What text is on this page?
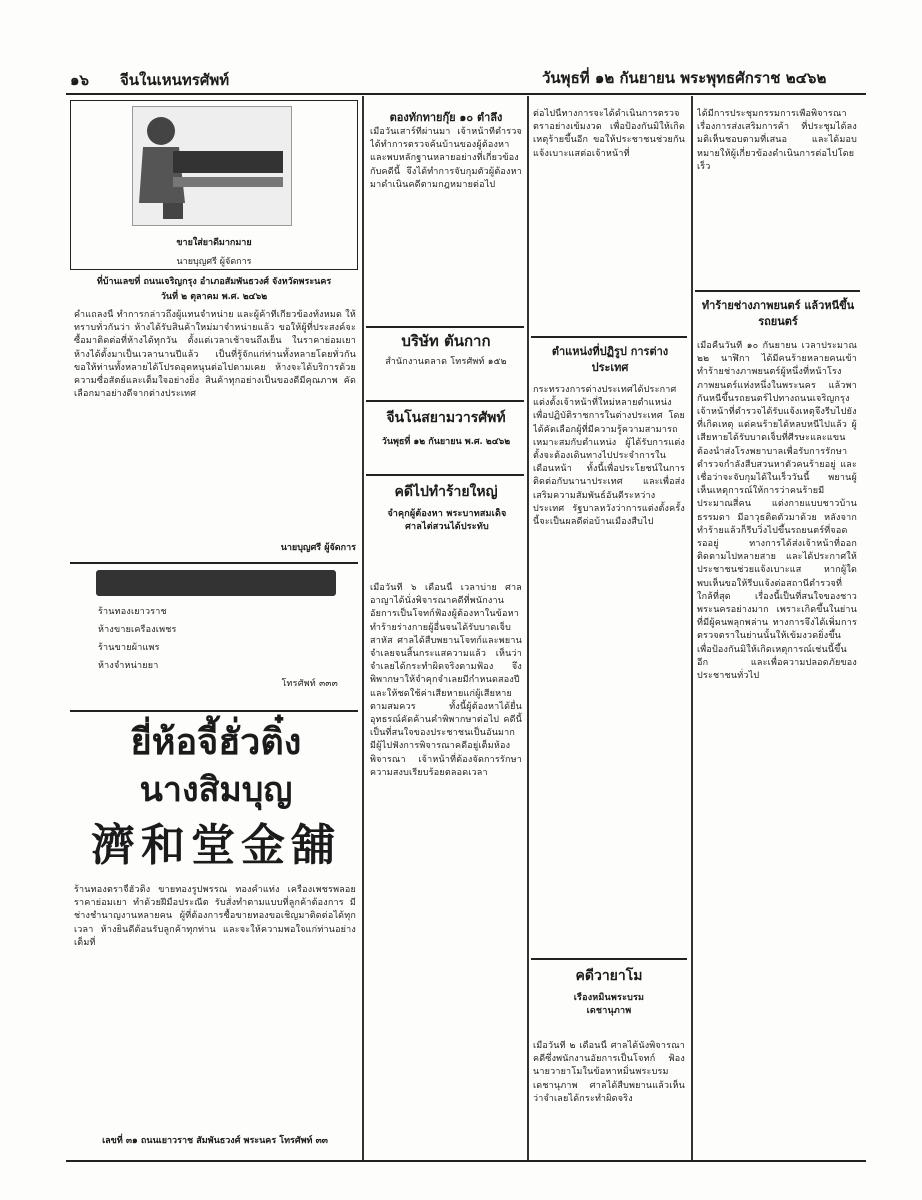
๑๖ จีนในเหนทรศัพท์	วันพุธที่ ๑๒ กันยายน พระพุทธศักราช ๒๔๖๒
ขายใส่ยาดีมากมาย
นายบุญศรี ผู้จัดการ
ที่บ้านเลขที่ ถนนเจริญกรุง อำเภอสัมพันธวงศ์ จังหวัดพระนคร
วันที่ ๒ ตุลาคม พ.ศ. ๒๔๖๒
คำแถลงนี้ ทำการกล่าวถึงผู้แทนจำหน่าย และผู้ค้าที่เกี่ยวข้องทั้งหมด ให้ทราบทั่วกันว่า ห้างได้รับสินค้าใหม่มาจำหน่ายแล้ว ขอให้ผู้ที่ประสงค์จะซื้อมาติดต่อที่ห้างได้ทุกวัน ตั้งแต่เวลาเช้าจนถึงเย็น ในราคาย่อมเยา ห้างได้ตั้งมาเป็นเวลานานปีแล้ว เป็นที่รู้จักแก่ท่านทั้งหลายโดยทั่วกัน ขอให้ท่านทั้งหลายได้โปรดอุดหนุนต่อไปตามเคย ห้างจะได้บริการด้วยความซื่อสัตย์และเต็มใจอย่างยิ่ง สินค้าทุกอย่างเป็นของดีมีคุณภาพ คัดเลือกมาอย่างดีจากต่างประเทศ
นายบุญศรี ผู้จัดการ
ร้านทองเยาวราช
ห้างขายเครื่องเพชร
ร้านขายผ้าแพร
ห้างจำหน่ายยา
โทรศัพท์ ๓๓๓
ยี่ห้อจี้ฮั่วติ๋ง
นางสิมบุญ
濟和堂金舖
ร้านทองตราจี้ฮั่วติ๋ง ขายทองรูปพรรณ ทองคำแท่ง เครื่องเพชรพลอย ราคาย่อมเยา ทำด้วยฝีมือประณีต รับสั่งทำตามแบบที่ลูกค้าต้องการ มีช่างชำนาญงานหลายคน ผู้ที่ต้องการซื้อขายทองขอเชิญมาติดต่อได้ทุกเวลา ห้างยินดีต้อนรับลูกค้าทุกท่าน และจะให้ความพอใจแก่ท่านอย่างเต็มที่
เลขที่ ๓๑ ถนนเยาวราช สัมพันธวงศ์ พระนคร โทรศัพท์ ๓๓
ตองทักทายกุ๊ย ๑๐ ตำลึง
เมื่อวันเสาร์ที่ผ่านมา เจ้าหน้าที่ตำรวจได้ทำการตรวจค้นบ้านของผู้ต้องหา และพบหลักฐานหลายอย่างที่เกี่ยวข้องกับคดีนี้ จึงได้ทำการจับกุมตัวผู้ต้องหามาดำเนินคดีตามกฎหมายต่อไป
บริษัท ตันกาก
สำนักงานตลาด โทรศัพท์ ๑๕๒
จีนโนสยามวารศัพท์
วันพุธที่ ๑๒ กันยายน พ.ศ. ๒๔๖๒
คดีไปทำร้ายใหญ่
จำคุกผู้ต้องหา พระบาทสมเด็จ ศาลไต่สวนได้ประทับ
เมื่อวันที่ ๖ เดือนนี้ เวลาบ่าย ศาลอาญาได้นั่งพิจารณาคดีที่พนักงานอัยการเป็นโจทก์ฟ้องผู้ต้องหาในข้อหาทำร้ายร่างกายผู้อื่นจนได้รับบาดเจ็บสาหัส ศาลได้สืบพยานโจทก์และพยานจำเลยจนสิ้นกระแสความแล้ว เห็นว่าจำเลยได้กระทำผิดจริงตามฟ้อง จึงพิพากษาให้จำคุกจำเลยมีกำหนดสองปี และให้ชดใช้ค่าเสียหายแก่ผู้เสียหายตามสมควร ทั้งนี้ผู้ต้องหาได้ยื่นอุทธรณ์คัดค้านคำพิพากษาต่อไป คดีนี้เป็นที่สนใจของประชาชนเป็นอันมาก มีผู้ไปฟังการพิจารณาคดีอยู่เต็มห้องพิจารณา เจ้าหน้าที่ต้องจัดการรักษาความสงบเรียบร้อยตลอดเวลา
ต่อไปนี้ทางการจะได้ดำเนินการตรวจตราอย่างเข้มงวด เพื่อป้องกันมิให้เกิดเหตุร้ายขึ้นอีก ขอให้ประชาชนช่วยกันแจ้งเบาะแสต่อเจ้าหน้าที่
ตำแหน่งที่ปฏิรูป การต่างประเทศ
กระทรวงการต่างประเทศได้ประกาศแต่งตั้งเจ้าหน้าที่ใหม่หลายตำแหน่ง เพื่อปฏิบัติราชการในต่างประเทศ โดยได้คัดเลือกผู้ที่มีความรู้ความสามารถเหมาะสมกับตำแหน่ง ผู้ได้รับการแต่งตั้งจะต้องเดินทางไปประจำการในเดือนหน้า ทั้งนี้เพื่อประโยชน์ในการติดต่อกับนานาประเทศ และเพื่อส่งเสริมความสัมพันธ์อันดีระหว่างประเทศ รัฐบาลหวังว่าการแต่งตั้งครั้งนี้จะเป็นผลดีต่อบ้านเมืองสืบไป
คดีวายาโม
เรื่องหมิ่นพระบรม เดชานุภาพ
เมื่อวันที่ ๒ เดือนนี้ ศาลได้นั่งพิจารณาคดีซึ่งพนักงานอัยการเป็นโจทก์ ฟ้องนายวายาโมในข้อหาหมิ่นพระบรมเดชานุภาพ ศาลได้สืบพยานแล้วเห็นว่าจำเลยได้กระทำผิดจริง
ได้มีการประชุมกรรมการเพื่อพิจารณาเรื่องการส่งเสริมการค้า ที่ประชุมได้ลงมติเห็นชอบตามที่เสนอ และได้มอบหมายให้ผู้เกี่ยวข้องดำเนินการต่อไปโดยเร็ว
ทำร้ายช่างภาพยนตร์ แล้วหนีขึ้นรถยนตร์
เมื่อคืนวันที่ ๑๐ กันยายน เวลาประมาณ ๒๒ นาฬิกา ได้มีคนร้ายหลายคนเข้าทำร้ายช่างภาพยนตร์ผู้หนึ่งที่หน้าโรงภาพยนตร์แห่งหนึ่งในพระนคร แล้วพากันหนีขึ้นรถยนตร์ไปทางถนนเจริญกรุง เจ้าหน้าที่ตำรวจได้รับแจ้งเหตุจึงรีบไปยังที่เกิดเหตุ แต่คนร้ายได้หลบหนีไปแล้ว ผู้เสียหายได้รับบาดเจ็บที่ศีรษะและแขน ต้องนำส่งโรงพยาบาลเพื่อรับการรักษา ตำรวจกำลังสืบสวนหาตัวคนร้ายอยู่ และเชื่อว่าจะจับกุมได้ในเร็ววันนี้ พยานผู้เห็นเหตุการณ์ให้การว่าคนร้ายมีประมาณสี่คน แต่งกายแบบชาวบ้านธรรมดา มีอาวุธติดตัวมาด้วย หลังจากทำร้ายแล้วก็รีบวิ่งไปขึ้นรถยนตร์ที่จอดรออยู่ ทางการได้ส่งเจ้าหน้าที่ออกติดตามไปหลายสาย และได้ประกาศให้ประชาชนช่วยแจ้งเบาะแส หากผู้ใดพบเห็นขอให้รีบแจ้งต่อสถานีตำรวจที่ใกล้ที่สุด เรื่องนี้เป็นที่สนใจของชาวพระนครอย่างมาก เพราะเกิดขึ้นในย่านที่มีผู้คนพลุกพล่าน ทางการจึงได้เพิ่มการตรวจตราในย่านนั้นให้เข้มงวดยิ่งขึ้น เพื่อป้องกันมิให้เกิดเหตุการณ์เช่นนี้ขึ้นอีก และเพื่อความปลอดภัยของประชาชนทั่วไป
